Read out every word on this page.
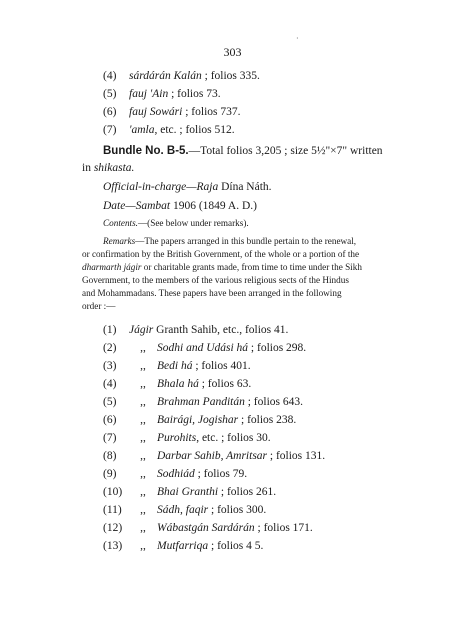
·
303
(4) sárdárán Kalán ; folios 335.
(5) fauj 'Ain ; folios 73.
(6) fauj Sowári ; folios 737.
(7) 'amla, etc. ; folios 512.
Bundle No. B-5.—Total folios 3,205 ; size 5½"×7" written
in shikasta.
Official-in-charge—Raja Dína Náth.
Date—Sambat 1906 (1849 A. D.)
Contents.—(See below under remarks).
Remarks—The papers arranged in this bundle pertain to the renewal,
or confirmation by the British Government, of the whole or a portion of the
dharmarth jágir or charitable grants made, from time to time under the Sikh
Government, to the members of the various religious sects of the Hindus
and Mohammadans. These papers have been arranged in the following
order :—
(1) Jágir Granth Sahib, etc., folios 41.
(2) ,, Sodhi and Udási há ; folios 298.
(3) ,, Bedi há ; folios 401.
(4) ,, Bhala há ; folios 63.
(5) ,, Brahman Panditán ; folios 643.
(6) ,, Bairági, Jogishar ; folios 238.
(7) ,, Purohits, etc. ; folios 30.
(8) ,, Darbar Sahib, Amritsar ; folios 131.
(9) ,, Sodhiád ; folios 79.
(10) ,, Bhai Granthi ; folios 261.
(11) ,, Sádh, faqir ; folios 300.
(12) ,, Wábastgán Sardárán ; folios 171.
(13) ,, Mutfarriqa ; folios 4 5.
